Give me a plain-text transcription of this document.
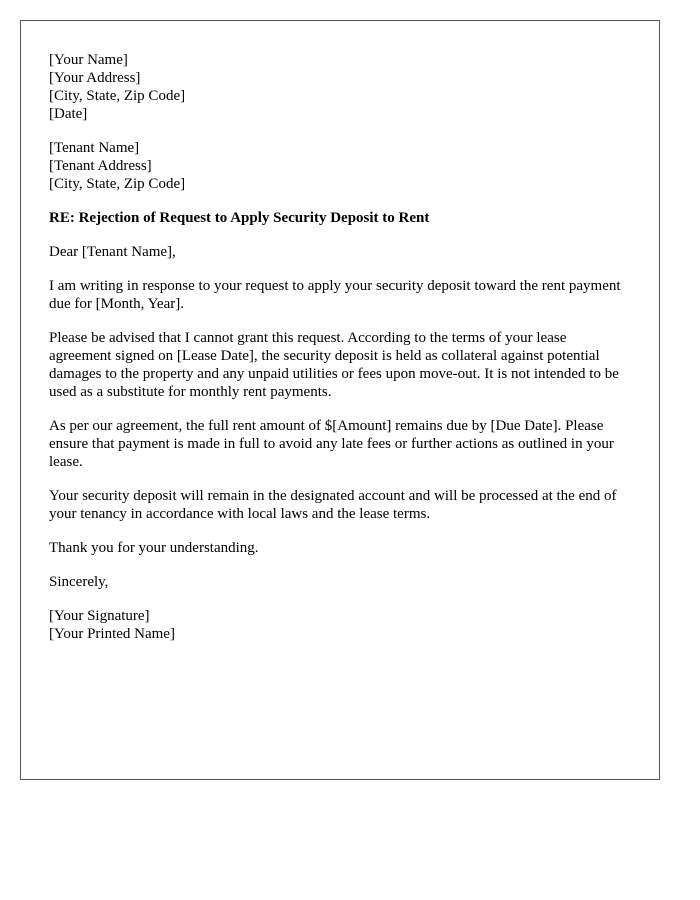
[Your Name]
[Your Address]
[City, State, Zip Code]
[Date]
[Tenant Name]
[Tenant Address]
[City, State, Zip Code]
RE: Rejection of Request to Apply Security Deposit to Rent

Dear [Tenant Name],

I am writing in response to your request to apply your security deposit toward the rent payment due for [Month, Year].

Please be advised that I cannot grant this request. According to the terms of your lease agreement signed on [Lease Date], the security deposit is held as collateral against potential damages to the property and any unpaid utilities or fees upon move-out. It is not intended to be used as a substitute for monthly rent payments.

As per our agreement, the full rent amount of $[Amount] remains due by [Due Date]. Please ensure that payment is made in full to avoid any late fees or further actions as outlined in your lease.

Your security deposit will remain in the designated account and will be processed at the end of your tenancy in accordance with local laws and the lease terms.

Thank you for your understanding.

Sincerely,

[Your Signature]
[Your Printed Name]
